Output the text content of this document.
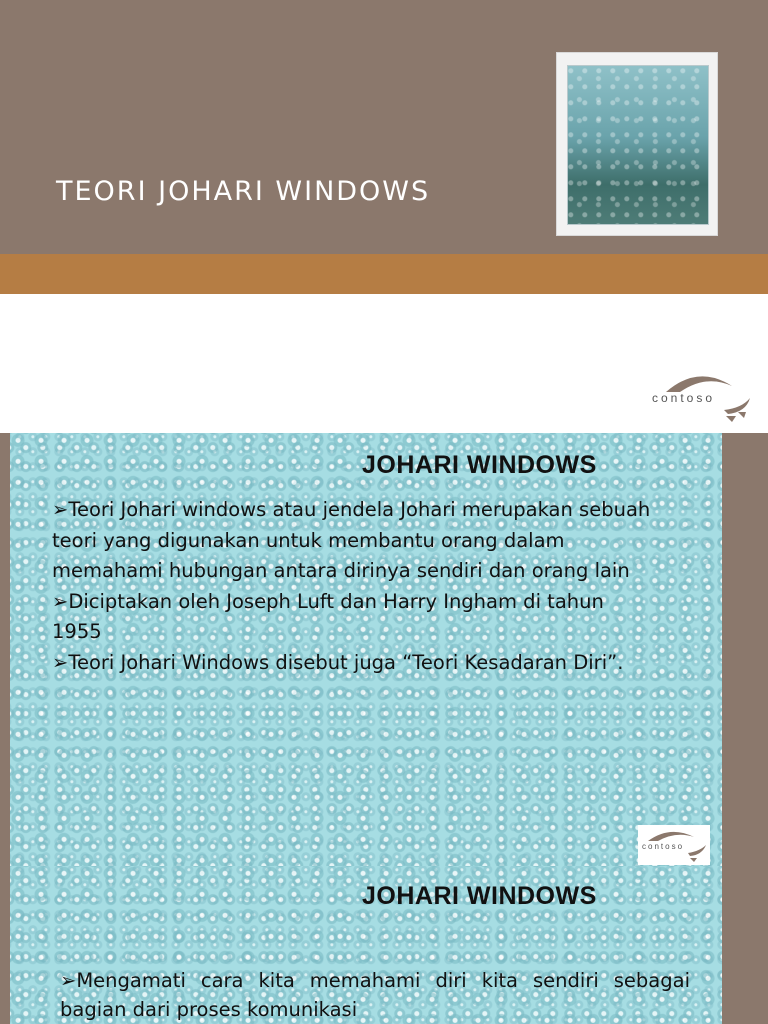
TEORI JOHARI WINDOWS
contoso
JOHARI WINDOWS
➢Teori Johari windows atau jendela Johari merupakan sebuah teori yang digunakan untuk membantu orang dalam memahami hubungan antara dirinya sendiri dan orang lain
➢Diciptakan oleh Joseph Luft dan Harry Ingham di tahun 1955
➢Teori Johari Windows disebut juga “Teori Kesadaran Diri”.
contoso
JOHARI WINDOWS
➢Mengamati cara kita memahami diri kita sendiri sebagai bagian dari proses komunikasi
